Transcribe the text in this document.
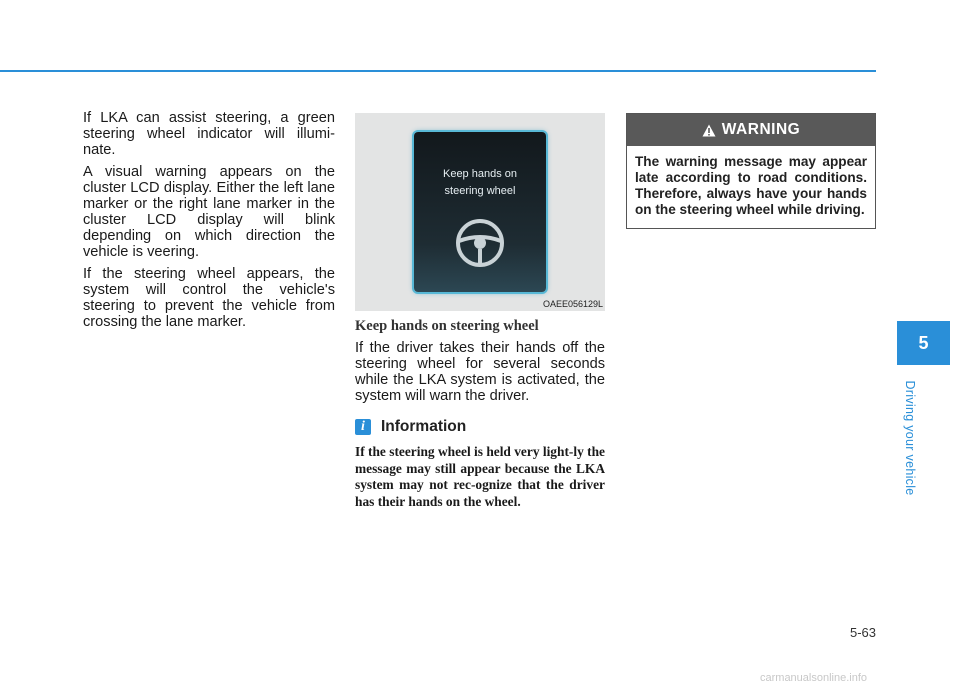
If LKA can assist steering, a green steering wheel indicator will illumi-nate.

A visual warning appears on the cluster LCD display. Either the left lane marker or the right lane marker in the cluster LCD display will blink depending on which direction the vehicle is veering.

If the steering wheel appears, the system will control the vehicle's steering to prevent the vehicle from crossing the lane marker.

Keep hands on
steering wheel
OAEE056129L
Keep hands on steering wheel

If the driver takes their hands off the steering wheel for several seconds while the LKA system is activated, the system will warn the driver.

i	Information

If the steering wheel is held very light-ly the message may still appear because the LKA system may not rec-ognize that the driver has their hands on the wheel.

WARNING
The warning message may appear late according to road conditions. Therefore, always have your hands on the steering wheel while driving.
5
Driving your vehicle
5-63
carmanualsonline.info
